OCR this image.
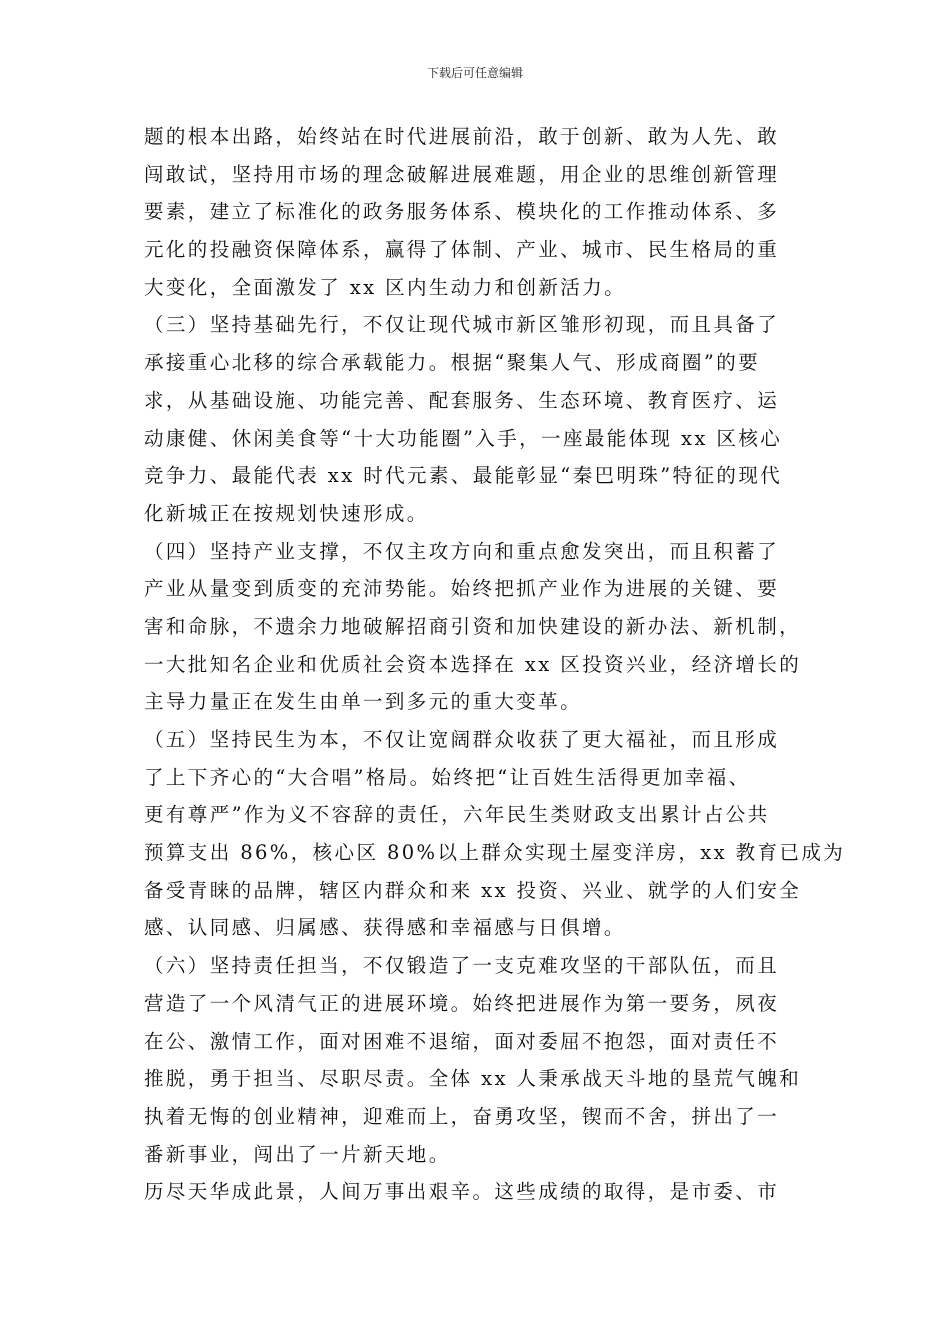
下载后可任意编辑
题的根本出路，始终站在时代进展前沿，敢于创新、敢为人先、敢
闯敢试，坚持用市场的理念破解进展难题，用企业的思维创新管理
要素，建立了标准化的政务服务体系、模块化的工作推动体系、多
元化的投融资保障体系，赢得了体制、产业、城市、民生格局的重
大变化，全面激发了 xx 区内生动力和创新活力。
（三）坚持基础先行，不仅让现代城市新区雏形初现，而且具备了
承接重心北移的综合承载能力。根据“聚集人气、形成商圈”的要
求，从基础设施、功能完善、配套服务、生态环境、教育医疗、运
动康健、休闲美食等“十大功能圈”入手，一座最能体现 xx 区核心
竞争力、最能代表 xx 时代元素、最能彰显“秦巴明珠”特征的现代
化新城正在按规划快速形成。
（四）坚持产业支撑，不仅主攻方向和重点愈发突出，而且积蓄了
产业从量变到质变的充沛势能。始终把抓产业作为进展的关键、要
害和命脉，不遗余力地破解招商引资和加快建设的新办法、新机制，
一大批知名企业和优质社会资本选择在 xx 区投资兴业，经济增长的
主导力量正在发生由单一到多元的重大变革。
（五）坚持民生为本，不仅让宽阔群众收获了更大福祉，而且形成
了上下齐心的“大合唱”格局。始终把“让百姓生活得更加幸福、
更有尊严”作为义不容辞的责任，六年民生类财政支出累计占公共
预算支出 86%，核心区 80%以上群众实现土屋变洋房，xx 教育已成为
备受青睐的品牌，辖区内群众和来 xx 投资、兴业、就学的人们安全
感、认同感、归属感、获得感和幸福感与日俱增。
（六）坚持责任担当，不仅锻造了一支克难攻坚的干部队伍，而且
营造了一个风清气正的进展环境。始终把进展作为第一要务，夙夜
在公、激情工作，面对困难不退缩，面对委屈不抱怨，面对责任不
推脱，勇于担当、尽职尽责。全体 xx 人秉承战天斗地的垦荒气魄和
执着无悔的创业精神，迎难而上，奋勇攻坚，锲而不舍，拼出了一
番新事业，闯出了一片新天地。
历尽天华成此景，人间万事出艰辛。这些成绩的取得，是市委、市
